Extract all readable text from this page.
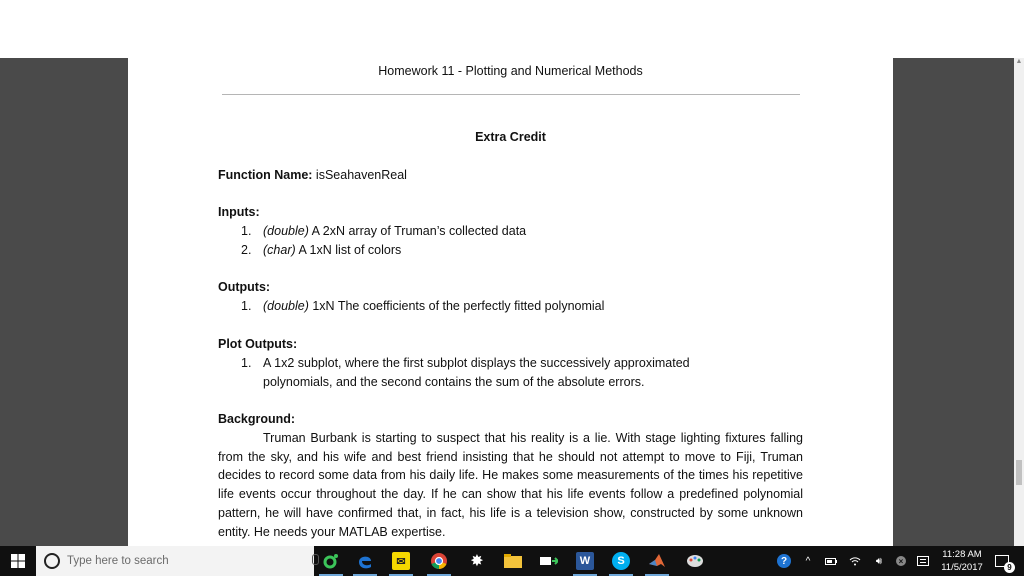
▲
Homework 11 - Plotting and Numerical Methods
Extra Credit
Function Name: isSeahavenReal
Inputs:
1. (double) A 2xN array of Truman’s collected data
2. (char) A 1xN list of colors
Outputs:
1. (double) 1xN The coefficients of the perfectly fitted polynomial
Plot Outputs:
1. A 1x2 subplot, where the first subplot displays the successively approximated polynomials, and the second contains the sum of the absolute errors.
Background:
Truman Burbank is starting to suspect that his reality is a lie. With stage lighting fixtures falling from the sky, and his wife and best friend insisting that he should not attempt to move to Fiji, Truman decides to record some data from his daily life. He makes some measurements of the times his repetitive life events occur throughout the day. If he can show that his life events follow a predefined polynomial pattern, he will have confirmed that, in fact, his life is a television show, constructed by some unknown entity. He needs your MATLAB expertise.
Type here to search	✉	✸	W	S	?	^	🔊︎	×
11:28 AM
11/5/2017	9
